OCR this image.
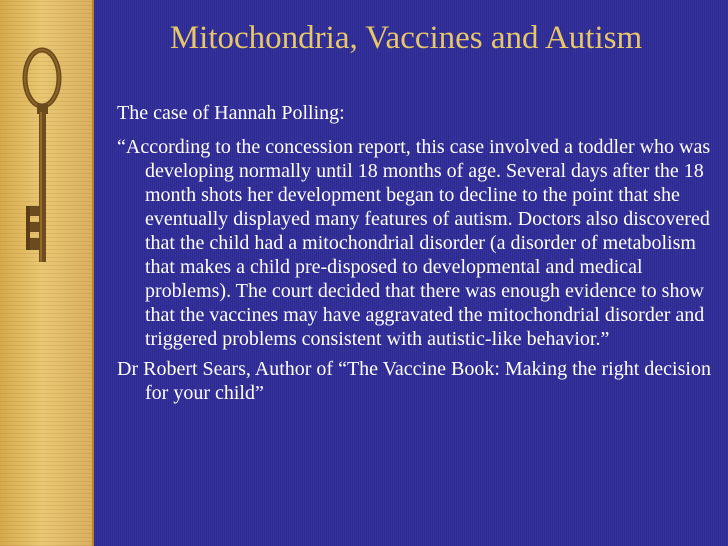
Mitochondria, Vaccines and Autism

The case of Hannah Polling:

“According to the concession report, this case involved a toddler who was developing normally until 18 months of age. Several days after the 18 month shots her development began to decline to the point that she eventually displayed many features of autism. Doctors also discovered that the child had a mitochondrial disorder (a disorder of metabolism that makes a child pre-disposed to developmental and medical problems). The court decided that there was enough evidence to show that the vaccines may have aggravated the mitochondrial disorder and triggered problems consistent with autistic-like behavior.”

Dr Robert Sears, Author of “The Vaccine Book: Making the right decision for your child”
